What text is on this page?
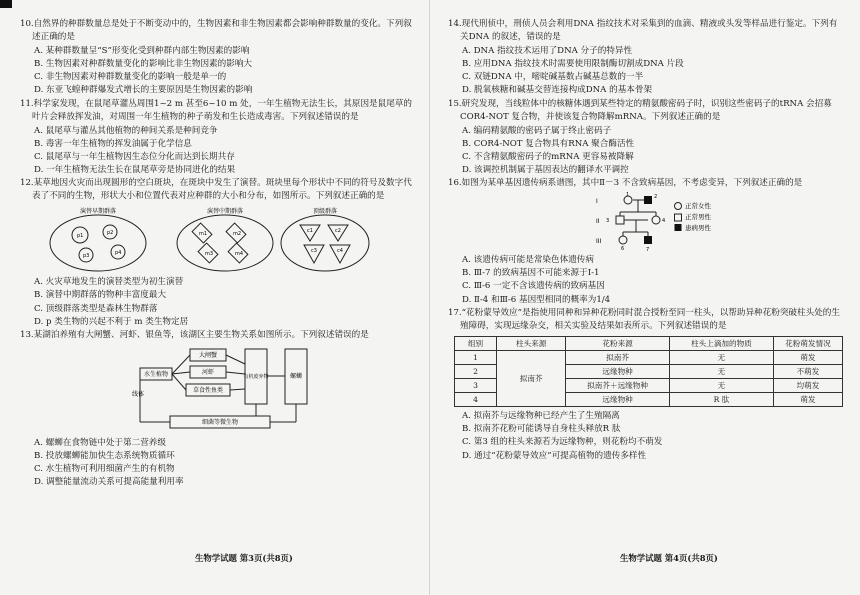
10.自然界的种群数量总是处于不断变动中的，生物因素和非生物因素都会影响种群数量的变化。下列叙述正确的是

A. 某种群数量呈“S”形变化受到种群内部生物因素的影响

B. 生物因素对种群数量变化的影响比非生物因素的影响大

C. 非生物因素对种群数量变化的影响一般是单一的

D. 东亚飞蝗种群爆发式增长的主要原因是生物因素的影响

11.科学家发现，在鼠尾草灌丛周围1~2 m 甚至6~10 m 处，一年生植物无法生长，其原因是鼠尾草的叶片会释放挥发油，对周围一年生植物的种子萌发和生长造成毒害。下列叙述错误的是

A. 鼠尾草与灌丛其他植物的种间关系是种间竞争

B. 毒害一年生植物的挥发油属于化学信息

C. 鼠尾草与一年生植物因生态位分化而达到长期共存

D. 一年生植物无法生长在鼠尾草旁是协同进化的结果

12.某草地因火灾而出现圆形的空白斑块，在斑块中发生了演替。斑块里每个形状中不同的符号及数字代表了不同的生物，形状大小和位置代表对应种群的大小和分布，如图所示。下列叙述正确的是

演替早期群落	演替中期群落	顶级群落
p1	p2
p3	p4
m1	m2
m3	m4
c1	c2
c3	c4

A. 火灾草地发生的演替类型为初生演替

B. 演替中期群落的物种丰富度最大

C. 顶级群落类型是森林生物群落

D. p 类生物的兴起不利于 m 类生物定居

13.某湖泊养殖有大闸蟹、河虾、银鱼等，该湖区主要生物关系如图所示。下列叙述错误的是

大闸蟹
河虾
草食性鱼类
有机废弃物	螺蛳
水生植物
线体
细菌等微生物

A. 螺蛳在食物链中处于第二营养级

B. 投放螺蛳能加快生态系统物质循环

C. 水生植物可利用细菌产生的有机物

D. 调整能量流动关系可提高能量利用率

生物学试题 第3页(共8页)

14.现代刑侦中，刑侦人员会利用DNA 指纹技术对采集到的血滴、精液或头发等样品进行鉴定。下列有关DNA 的叙述，错误的是

A. DNA 指纹技术运用了DNA 分子的特异性

B. 应用DNA 指纹技术时需要使用限制酶切割成DNA 片段

C. 双链DNA 中，嘧啶碱基数占碱基总数的一半

D. 脱氧核糖和碱基交替连接构成DNA 的基本骨架

15.研究发现，当线粒体中的核糖体遇到某些特定的精氨酸密码子时，识别这些密码子的tRNA 会招募COR4-NOT 复合物，并使该复合物降解mRNA。下列叙述正确的是

A. 编码精氨酸的密码子属于终止密码子

B. COR4-NOT 复合物具有RNA 聚合酶活性

C. 不含精氨酸密码子的mRNA 更容易被降解

D. 该调控机制属于基因表达的翻译水平调控

16.如图为某单基因遗传病系谱图，其中Ⅱ－3 不含致病基因，不考虑变异，下列叙述正确的是

I
II
III
1	2
3	4
6	7
正常女性
正常男性
患病男性

A. 该遗传病可能是常染色体遗传病

B. Ⅲ-7 的致病基因不可能来源于Ⅰ-1

C. Ⅲ-6 一定不含该遗传病的致病基因

D. Ⅱ-4 和Ⅲ-6 基因型相同的概率为1/4

17.“花粉蒙导效应”是指使用同种和异种花粉同时混合授粉至同一柱头，以帮助异种花粉突破柱头处的生殖障碍，实现远缘杂交，相关实验及结果如表所示。下列叙述错误的是

组别	柱头来源	花粉来源	柱头上滴加的物质	花粉萌发情况
1	拟南芥	拟南芥	无	萌发
2		远缘物种	无	不萌发
3		拟南芥＋远缘物种	无	均萌发
4		远缘物种	R 肽	萌发

A. 拟南芥与远缘物种已经产生了生殖隔离

B. 拟南芥花粉可能诱导自身柱头释放R 肽

C. 第3 组的柱头来源若为远缘物种，则花粉均不萌发

D. 通过“花粉蒙导效应”可提高植物的遗传多样性

生物学试题 第4页(共8页)
